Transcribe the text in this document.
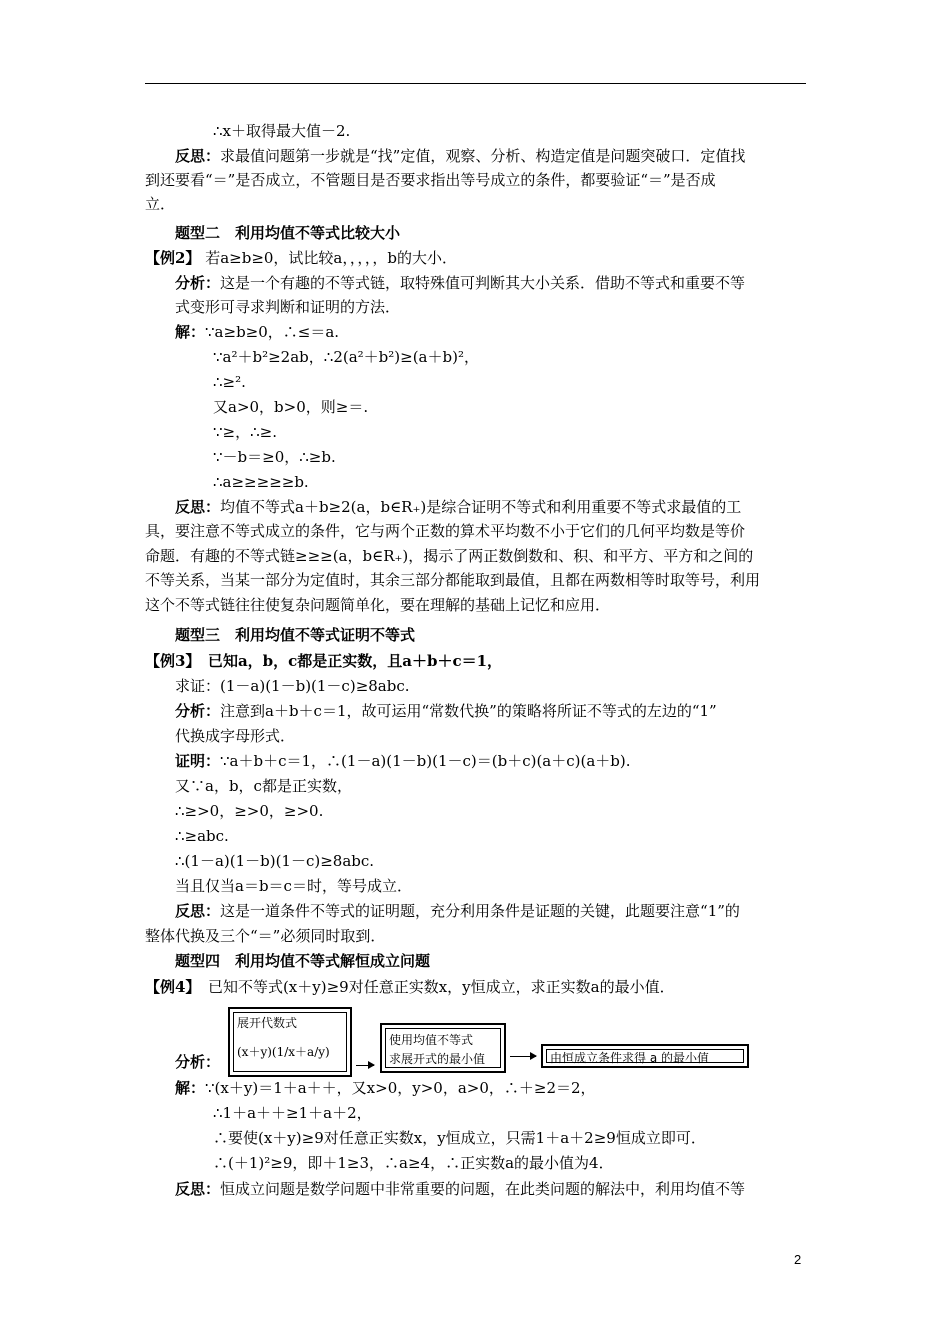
∴x＋取得最大值－2.
反思：求最值问题第一步就是“找”定值，观察、分析、构造定值是问题突破口．定值找
到还要看“＝”是否成立，不管题目是否要求指出等号成立的条件，都要验证“＝”是否成
立．
题型二　利用均值不等式比较大小
【例2】 若a≥b≥0，试比较a，，，，，b的大小．
分析：这是一个有趣的不等式链，取特殊值可判断其大小关系．借助不等式和重要不等
式变形可寻求判断和证明的方法．
解：∵a≥b≥0，∴≤＝a.
∵a²＋b²≥2ab，∴2(a²＋b²)≥(a＋b)²，
∴≥².
又a>0，b>0，则≥＝.
∵≥，∴≥.
∵－b＝≥0，∴≥b.
∴a≥≥≥≥≥b.
反思：均值不等式a＋b≥2(a，b∈R₊)是综合证明不等式和利用重要不等式求最值的工
具，要注意不等式成立的条件，它与两个正数的算术平均数不小于它们的几何平均数是等价
命题．有趣的不等式链≥≥≥(a，b∈R₊)，揭示了两正数倒数和、积、和平方、平方和之间的
不等关系，当某一部分为定值时，其余三部分都能取到最值，且都在两数相等时取等号，利用
这个不等式链往往使复杂问题简单化，要在理解的基础上记忆和应用．
题型三　利用均值不等式证明不等式
【例3】　已知a，b，c都是正实数，且a＋b＋c＝1，
求证：(1－a)(1－b)(1－c)≥8abc.
分析：注意到a＋b＋c＝1，故可运用“常数代换”的策略将所证不等式的左边的“1”
代换成字母形式．
证明：∵a＋b＋c＝1，∴(1－a)(1－b)(1－c)＝(b＋c)(a＋c)(a＋b).
又∵a，b，c都是正实数，
∴≥>0，≥>0，≥>0.
∴≥abc.
∴(1－a)(1－b)(1－c)≥8abc.
当且仅当a＝b＝c＝时，等号成立．
反思：这是一道条件不等式的证明题，充分利用条件是证题的关键，此题要注意“1”的
整体代换及三个“＝”必须同时取到．
题型四　利用均值不等式解恒成立问题
【例4】　已知不等式(x＋y)≥9对任意正实数x，y恒成立，求正实数a的最小值．
解：∵(x＋y)＝1＋a＋＋，又x>0，y>0，a>0，∴＋≥2＝2，
∴1＋a＋＋≥1＋a＋2，
∴要使(x＋y)≥9对任意正实数x，y恒成立，只需1＋a＋2≥9恒成立即可．
∴(＋1)²≥9，即＋1≥3，∴a≥4，∴正实数a的最小值为4．
反思：恒成立问题是数学问题中非常重要的问题，在此类问题的解法中，利用均值不等
分析：
展开代数式
(x＋y)(1/x＋a/y)
使用均值不等式
求展开式的最小值	由恒成立条件求得 a 的最小值
2
